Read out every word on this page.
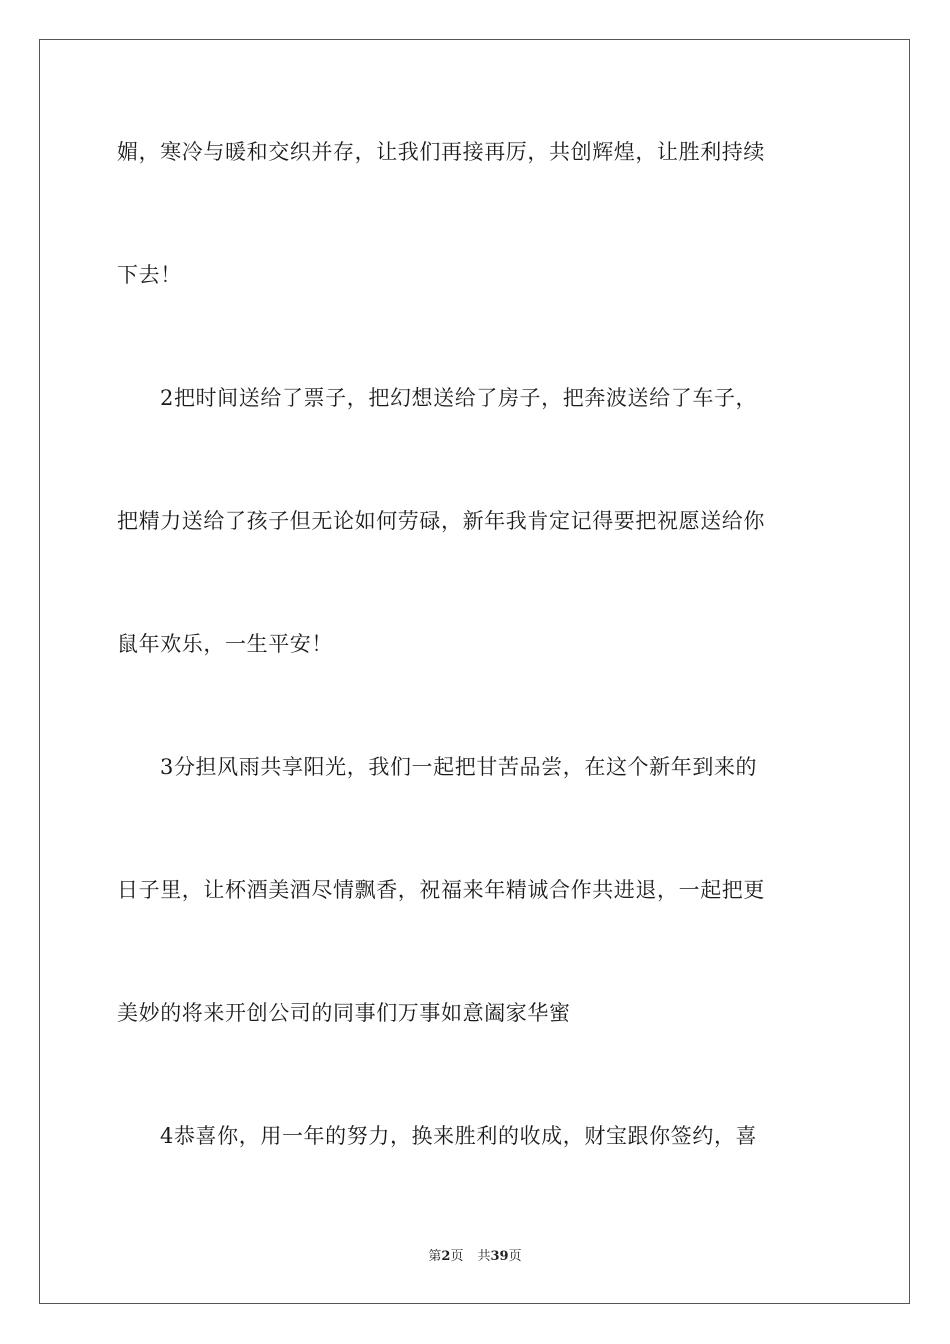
媚，寒冷与暖和交织并存，让我们再接再厉，共创辉煌，让胜利持续
下去！
2把时间送给了票子，把幻想送给了房子，把奔波送给了车子，
把精力送给了孩子但无论如何劳碌，新年我肯定记得要把祝愿送给你
鼠年欢乐，一生平安！
3分担风雨共享阳光，我们一起把甘苦品尝，在这个新年到来的
日子里，让杯酒美酒尽情飘香，祝福来年精诚合作共进退，一起把更
美妙的将来开创公司的同事们万事如意阖家华蜜
4恭喜你，用一年的努力，换来胜利的收成，财宝跟你签约，喜
第2页 共39页
